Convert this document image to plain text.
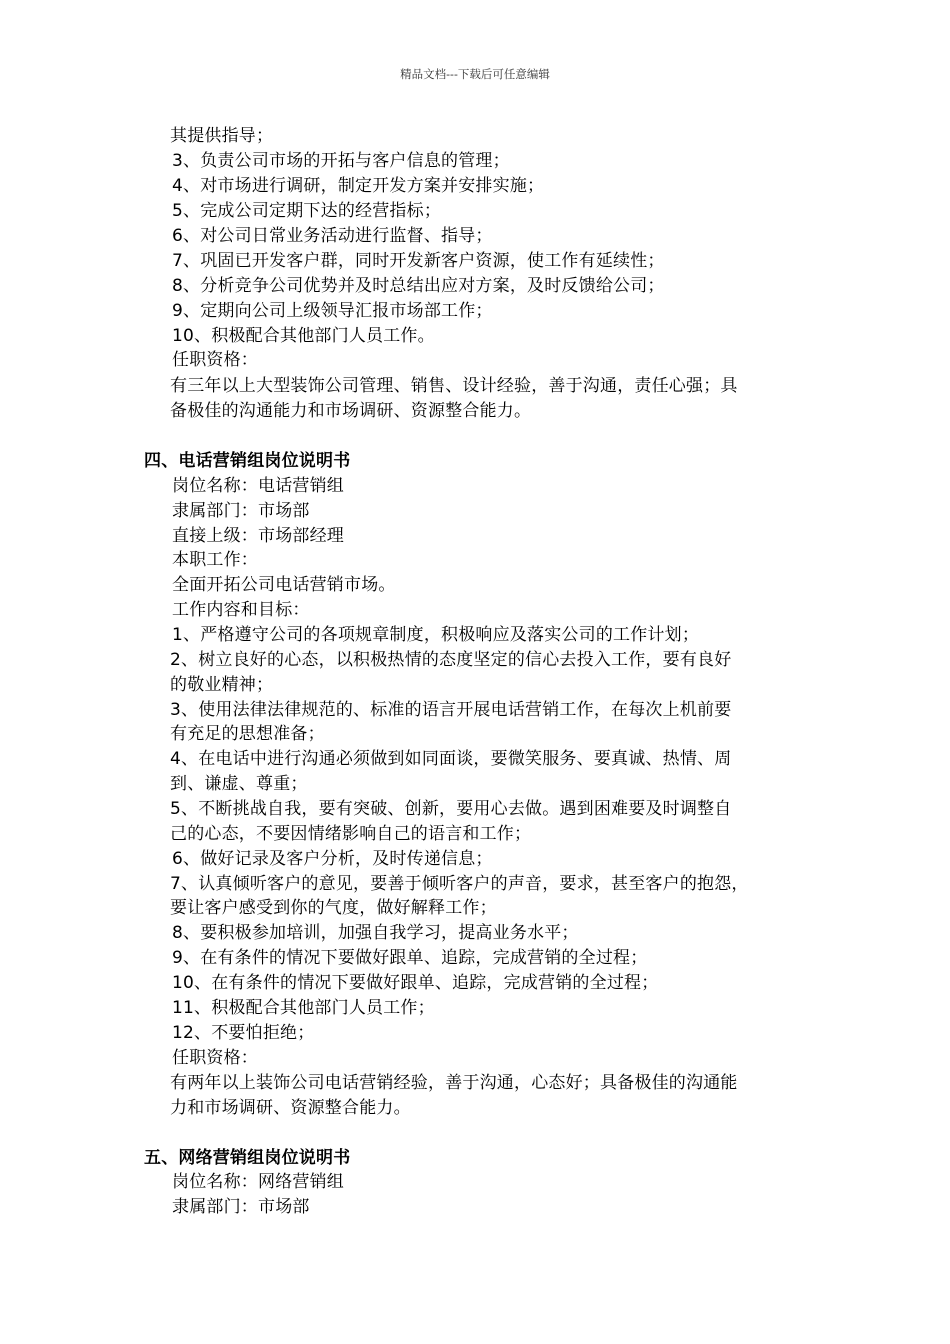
精品文档---下载后可任意编辑
其提供指导；
3、负责公司市场的开拓与客户信息的管理；
4、对市场进行调研，制定开发方案并安排实施；
5、完成公司定期下达的经营指标；
6、对公司日常业务活动进行监督、指导；
7、巩固已开发客户群，同时开发新客户资源，使工作有延续性；
8、分析竞争公司优势并及时总结出应对方案，及时反馈给公司；
9、定期向公司上级领导汇报市场部工作；
10、积极配合其他部门人员工作。
任职资格：
有三年以上大型装饰公司管理、销售、设计经验，善于沟通，责任心强；具
备极佳的沟通能力和市场调研、资源整合能力。
四、电话营销组岗位说明书
岗位名称：电话营销组
隶属部门：市场部
直接上级：市场部经理
本职工作：
全面开拓公司电话营销市场。
工作内容和目标：
1、严格遵守公司的各项规章制度，积极响应及落实公司的工作计划；
2、树立良好的心态，以积极热情的态度坚定的信心去投入工作，要有良好
的敬业精神；
3、使用法律法律规范的、标准的语言开展电话营销工作，在每次上机前要
有充足的思想准备；
4、在电话中进行沟通必须做到如同面谈，要微笑服务、要真诚、热情、周
到、谦虚、尊重；
5、不断挑战自我，要有突破、创新，要用心去做。遇到困难要及时调整自
己的心态，不要因情绪影响自己的语言和工作；
6、做好记录及客户分析，及时传递信息；
7、认真倾听客户的意见，要善于倾听客户的声音，要求，甚至客户的抱怨，
要让客户感受到你的气度，做好解释工作；
8、要积极参加培训，加强自我学习，提高业务水平；
9、在有条件的情况下要做好跟单、追踪，完成营销的全过程；
10、在有条件的情况下要做好跟单、追踪，完成营销的全过程；
11、积极配合其他部门人员工作；
12、不要怕拒绝；
任职资格：
有两年以上装饰公司电话营销经验，善于沟通，心态好；具备极佳的沟通能
力和市场调研、资源整合能力。
五、网络营销组岗位说明书
岗位名称：网络营销组
隶属部门：市场部
